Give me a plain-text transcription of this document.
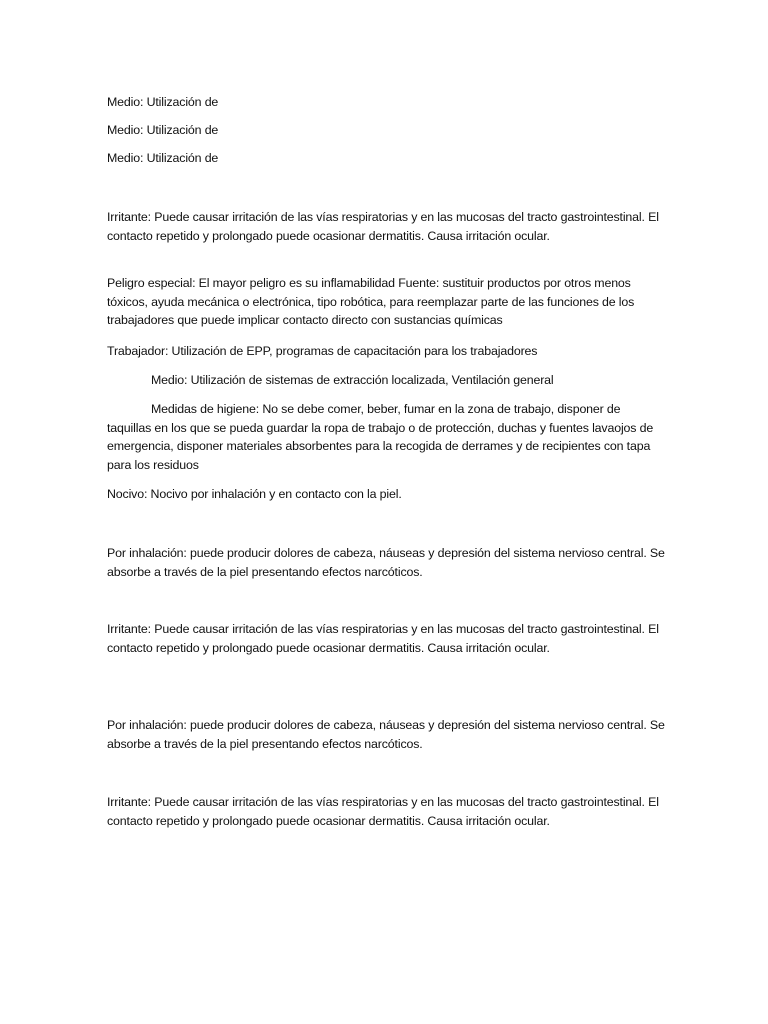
Medio: Utilización de

Medio: Utilización de

Medio: Utilización de

Irritante: Puede causar irritación de las vías respiratorias y en las mucosas del tracto gastrointestinal. El contacto repetido y prolongado puede ocasionar dermatitis. Causa irritación ocular.

Peligro especial: El mayor peligro es su inflamabilidad Fuente: sustituir productos por otros menos tóxicos, ayuda mecánica o electrónica, tipo robótica, para reemplazar parte de las funciones de los trabajadores que puede implicar contacto directo con sustancias químicas

Trabajador: Utilización de EPP, programas de capacitación para los trabajadores

Medio: Utilización de sistemas de extracción localizada, Ventilación general

Medidas de higiene: No se debe comer, beber, fumar en la zona de trabajo, disponer de taquillas en los que se pueda guardar la ropa de trabajo o de protección, duchas y fuentes lavaojos de emergencia, disponer materiales absorbentes para la recogida de derrames y de recipientes con tapa para los residuos

Nocivo: Nocivo por inhalación y en contacto con la piel.

Por inhalación: puede producir dolores de cabeza, náuseas y depresión del sistema nervioso central. Se absorbe a través de la piel presentando efectos narcóticos.

Irritante: Puede causar irritación de las vías respiratorias y en las mucosas del tracto gastrointestinal. El contacto repetido y prolongado puede ocasionar dermatitis. Causa irritación ocular.

Por inhalación: puede producir dolores de cabeza, náuseas y depresión del sistema nervioso central. Se absorbe a través de la piel presentando efectos narcóticos.

Irritante: Puede causar irritación de las vías respiratorias y en las mucosas del tracto gastrointestinal. El contacto repetido y prolongado puede ocasionar dermatitis. Causa irritación ocular.
